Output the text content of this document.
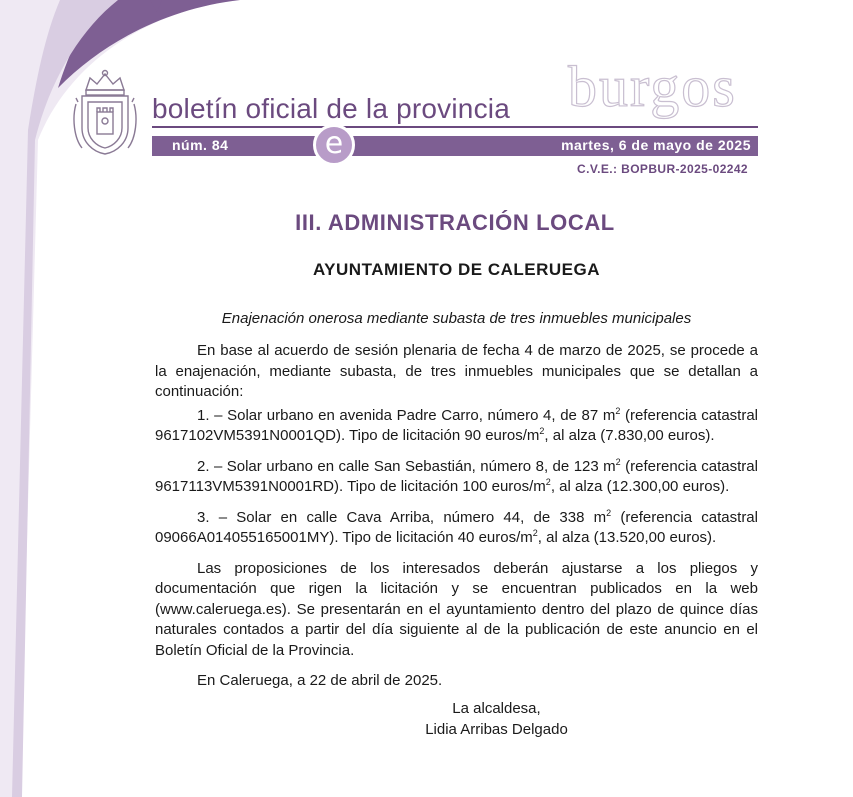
boletín oficial de la provincia burgos
núm. 84	e	martes, 6 de mayo de 2025
C.V.E.: BOPBUR-2025-02242
III. ADMINISTRACIÓN LOCAL

AYUNTAMIENTO DE CALERUEGA

Enajenación onerosa mediante subasta de tres inmuebles municipales

En base al acuerdo de sesión plenaria de fecha 4 de marzo de 2025, se procede a la enajenación, mediante subasta, de tres inmuebles municipales que se detallan a continuación:

1. – Solar urbano en avenida Padre Carro, número 4, de 87 $m^2$ (referencia catastral 9617102VM5391N0001QD). Tipo de licitación 90 euros/$m^2$, al alza (7.830,00 euros).

2. – Solar urbano en calle San Sebastián, número 8, de 123 $m^2$ (referencia catastral 9617113VM5391N0001RD). Tipo de licitación 100 euros/$m^2$, al alza (12.300,00 euros).

3. – Solar en calle Cava Arriba, número 44, de 338 $m^2$ (referencia catastral 09066A014055165001MY). Tipo de licitación 40 euros/$m^2$, al alza (13.520,00 euros).

Las proposiciones de los interesados deberán ajustarse a los pliegos y documentación que rigen la licitación y se encuentran publicados en la web (www.caleruega.es). Se presentarán en el ayuntamiento dentro del plazo de quince días naturales contados a partir del día siguiente al de la publicación de este anuncio en el Boletín Oficial de la Provincia.

En Caleruega, a 22 de abril de 2025.

La alcaldesa,

Lidia Arribas Delgado
